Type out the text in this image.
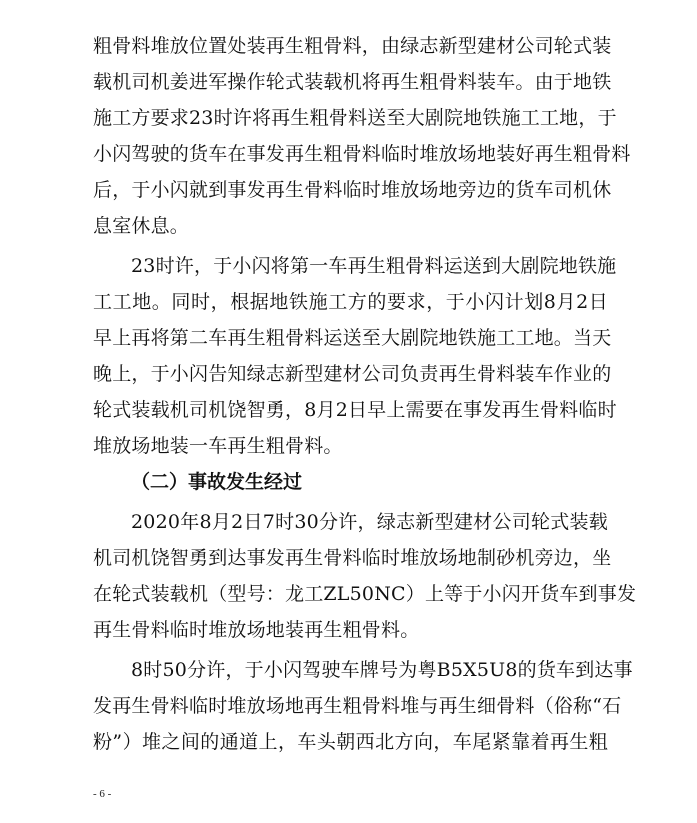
粗骨料堆放位置处装再生粗骨料，由绿志新型建材公司轮式装
载机司机姜进军操作轮式装载机将再生粗骨料装车。由于地铁
施工方要求23时许将再生粗骨料送至大剧院地铁施工工地，于
小闪驾驶的货车在事发再生粗骨料临时堆放场地装好再生粗骨料
后，于小闪就到事发再生骨料临时堆放场地旁边的货车司机休
息室休息。
23时许，于小闪将第一车再生粗骨料运送到大剧院地铁施
工工地。同时，根据地铁施工方的要求，于小闪计划8月2日
早上再将第二车再生粗骨料运送至大剧院地铁施工工地。当天
晚上，于小闪告知绿志新型建材公司负责再生骨料装车作业的
轮式装载机司机饶智勇，8月2日早上需要在事发再生骨料临时
堆放场地装一车再生粗骨料。
（二）事故发生经过
2020年8月2日7时30分许，绿志新型建材公司轮式装载
机司机饶智勇到达事发再生骨料临时堆放场地制砂机旁边，坐
在轮式装载机（型号：龙工ZL50NC）上等于小闪开货车到事发
再生骨料临时堆放场地装再生粗骨料。
8时50分许，于小闪驾驶车牌号为粤B5X5U8的货车到达事
发再生骨料临时堆放场地再生粗骨料堆与再生细骨料（俗称“石
粉”）堆之间的通道上，车头朝西北方向，车尾紧靠着再生粗
- 6 -
